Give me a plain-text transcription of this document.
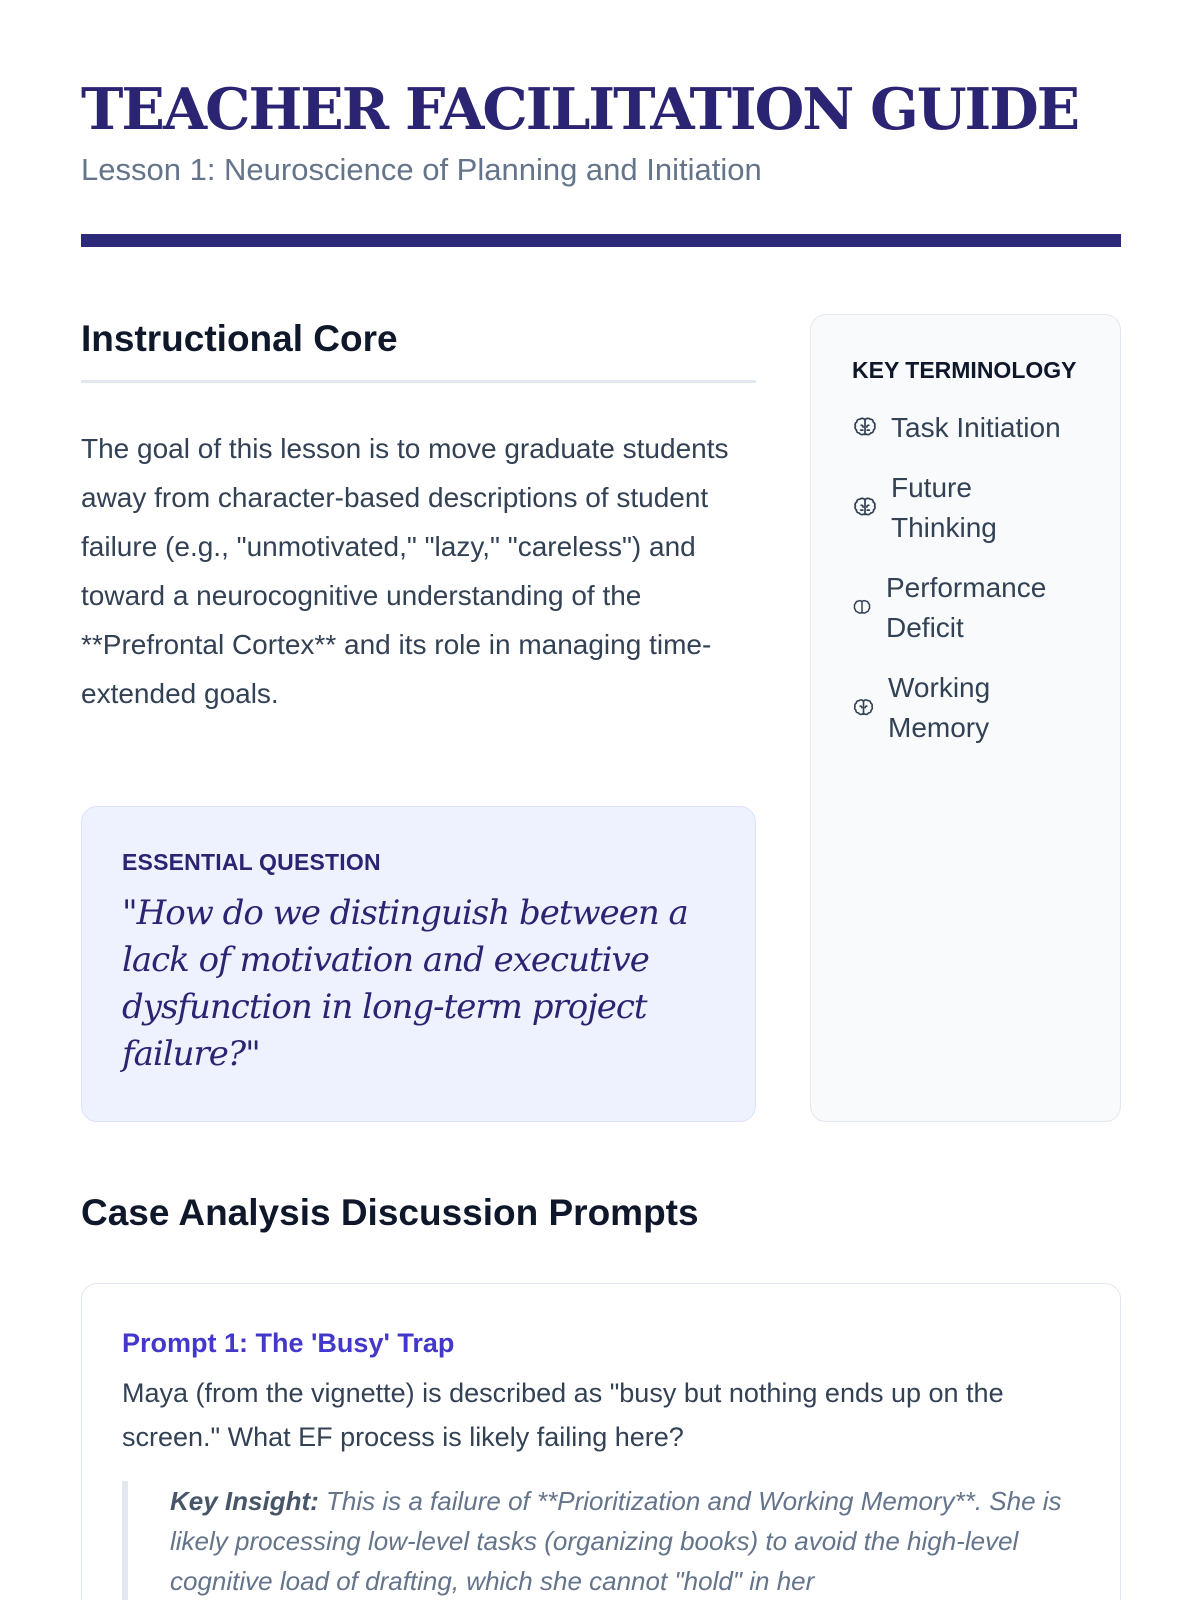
TEACHER FACILITATION GUIDE
Lesson 1: Neuroscience of Planning and Initiation
Instructional Core

The goal of this lesson is to move graduate students away from character-based descriptions of student failure (e.g., "unmotivated," "lazy," "careless") and toward a neurocognitive understanding of the **Prefrontal Cortex** and its role in managing time-extended goals.

ESSENTIAL QUESTION
"How do we distinguish between a lack of motivation and executive dysfunction in long-term project failure?"
KEY TERMINOLOGY
Task Initiation
Future Thinking
Performance Deficit
Working Memory
Case Analysis Discussion Prompts
Prompt 1: The 'Busy' Trap

Maya (from the vignette) is described as "busy but nothing ends up on the screen." What EF process is likely failing here?

Key Insight: This is a failure of **Prioritization and Working Memory**. She is likely processing low-level tasks (organizing books) to avoid the high-level cognitive load of drafting, which she cannot "hold" in her
